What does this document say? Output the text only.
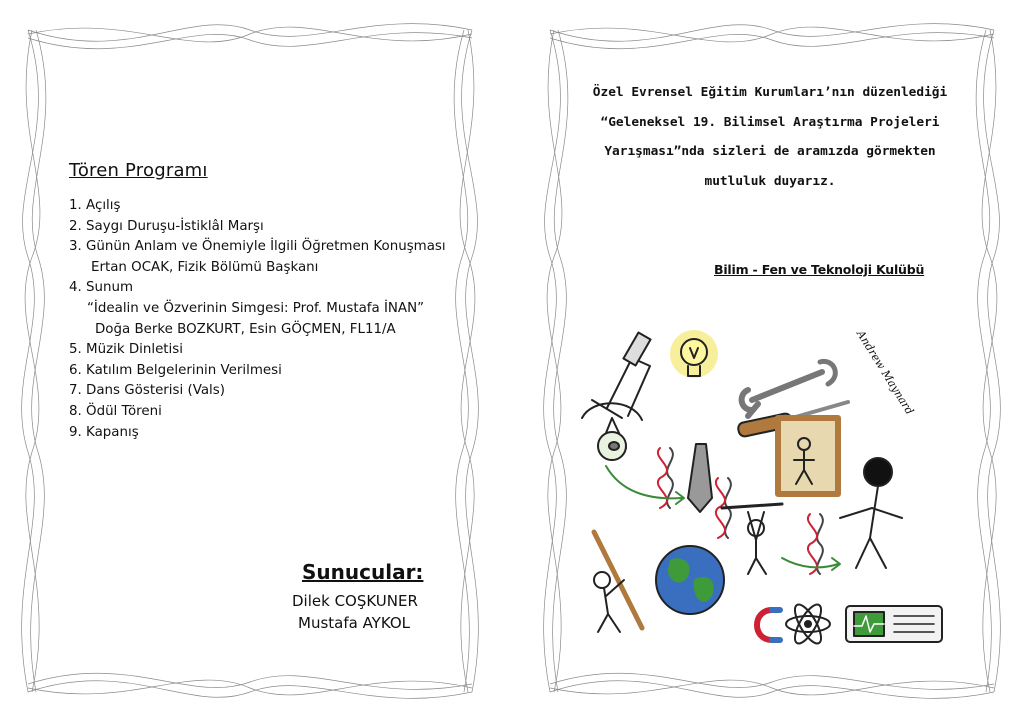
Tören Programı
1. Açılış
2. Saygı Duruşu-İstiklâl Marşı
3. Günün Anlam ve Önemiyle İlgili Öğretmen Konuşması
Ertan OCAK, Fizik Bölümü Başkanı
4. Sunum
“İdealin ve Özverinin Simgesi: Prof. Mustafa İNAN”
Doğa Berke BOZKURT, Esin GÖÇMEN, FL11/A
5. Müzik Dinletisi
6. Katılım Belgelerinin Verilmesi
7. Dans Gösterisi (Vals)
8. Ödül Töreni
9. Kapanış
Sunucular:
Dilek COŞKUNER
Mustafa AYKOL
Özel Evrensel Eğitim Kurumları’nın düzenlediği
“Geleneksel 19. Bilimsel Araştırma Projeleri
Yarışması”nda sizleri de aramızda görmekten
mutluluk duyarız.
Bilim - Fen ve Teknoloji Kulübü
Andrew Maynard
